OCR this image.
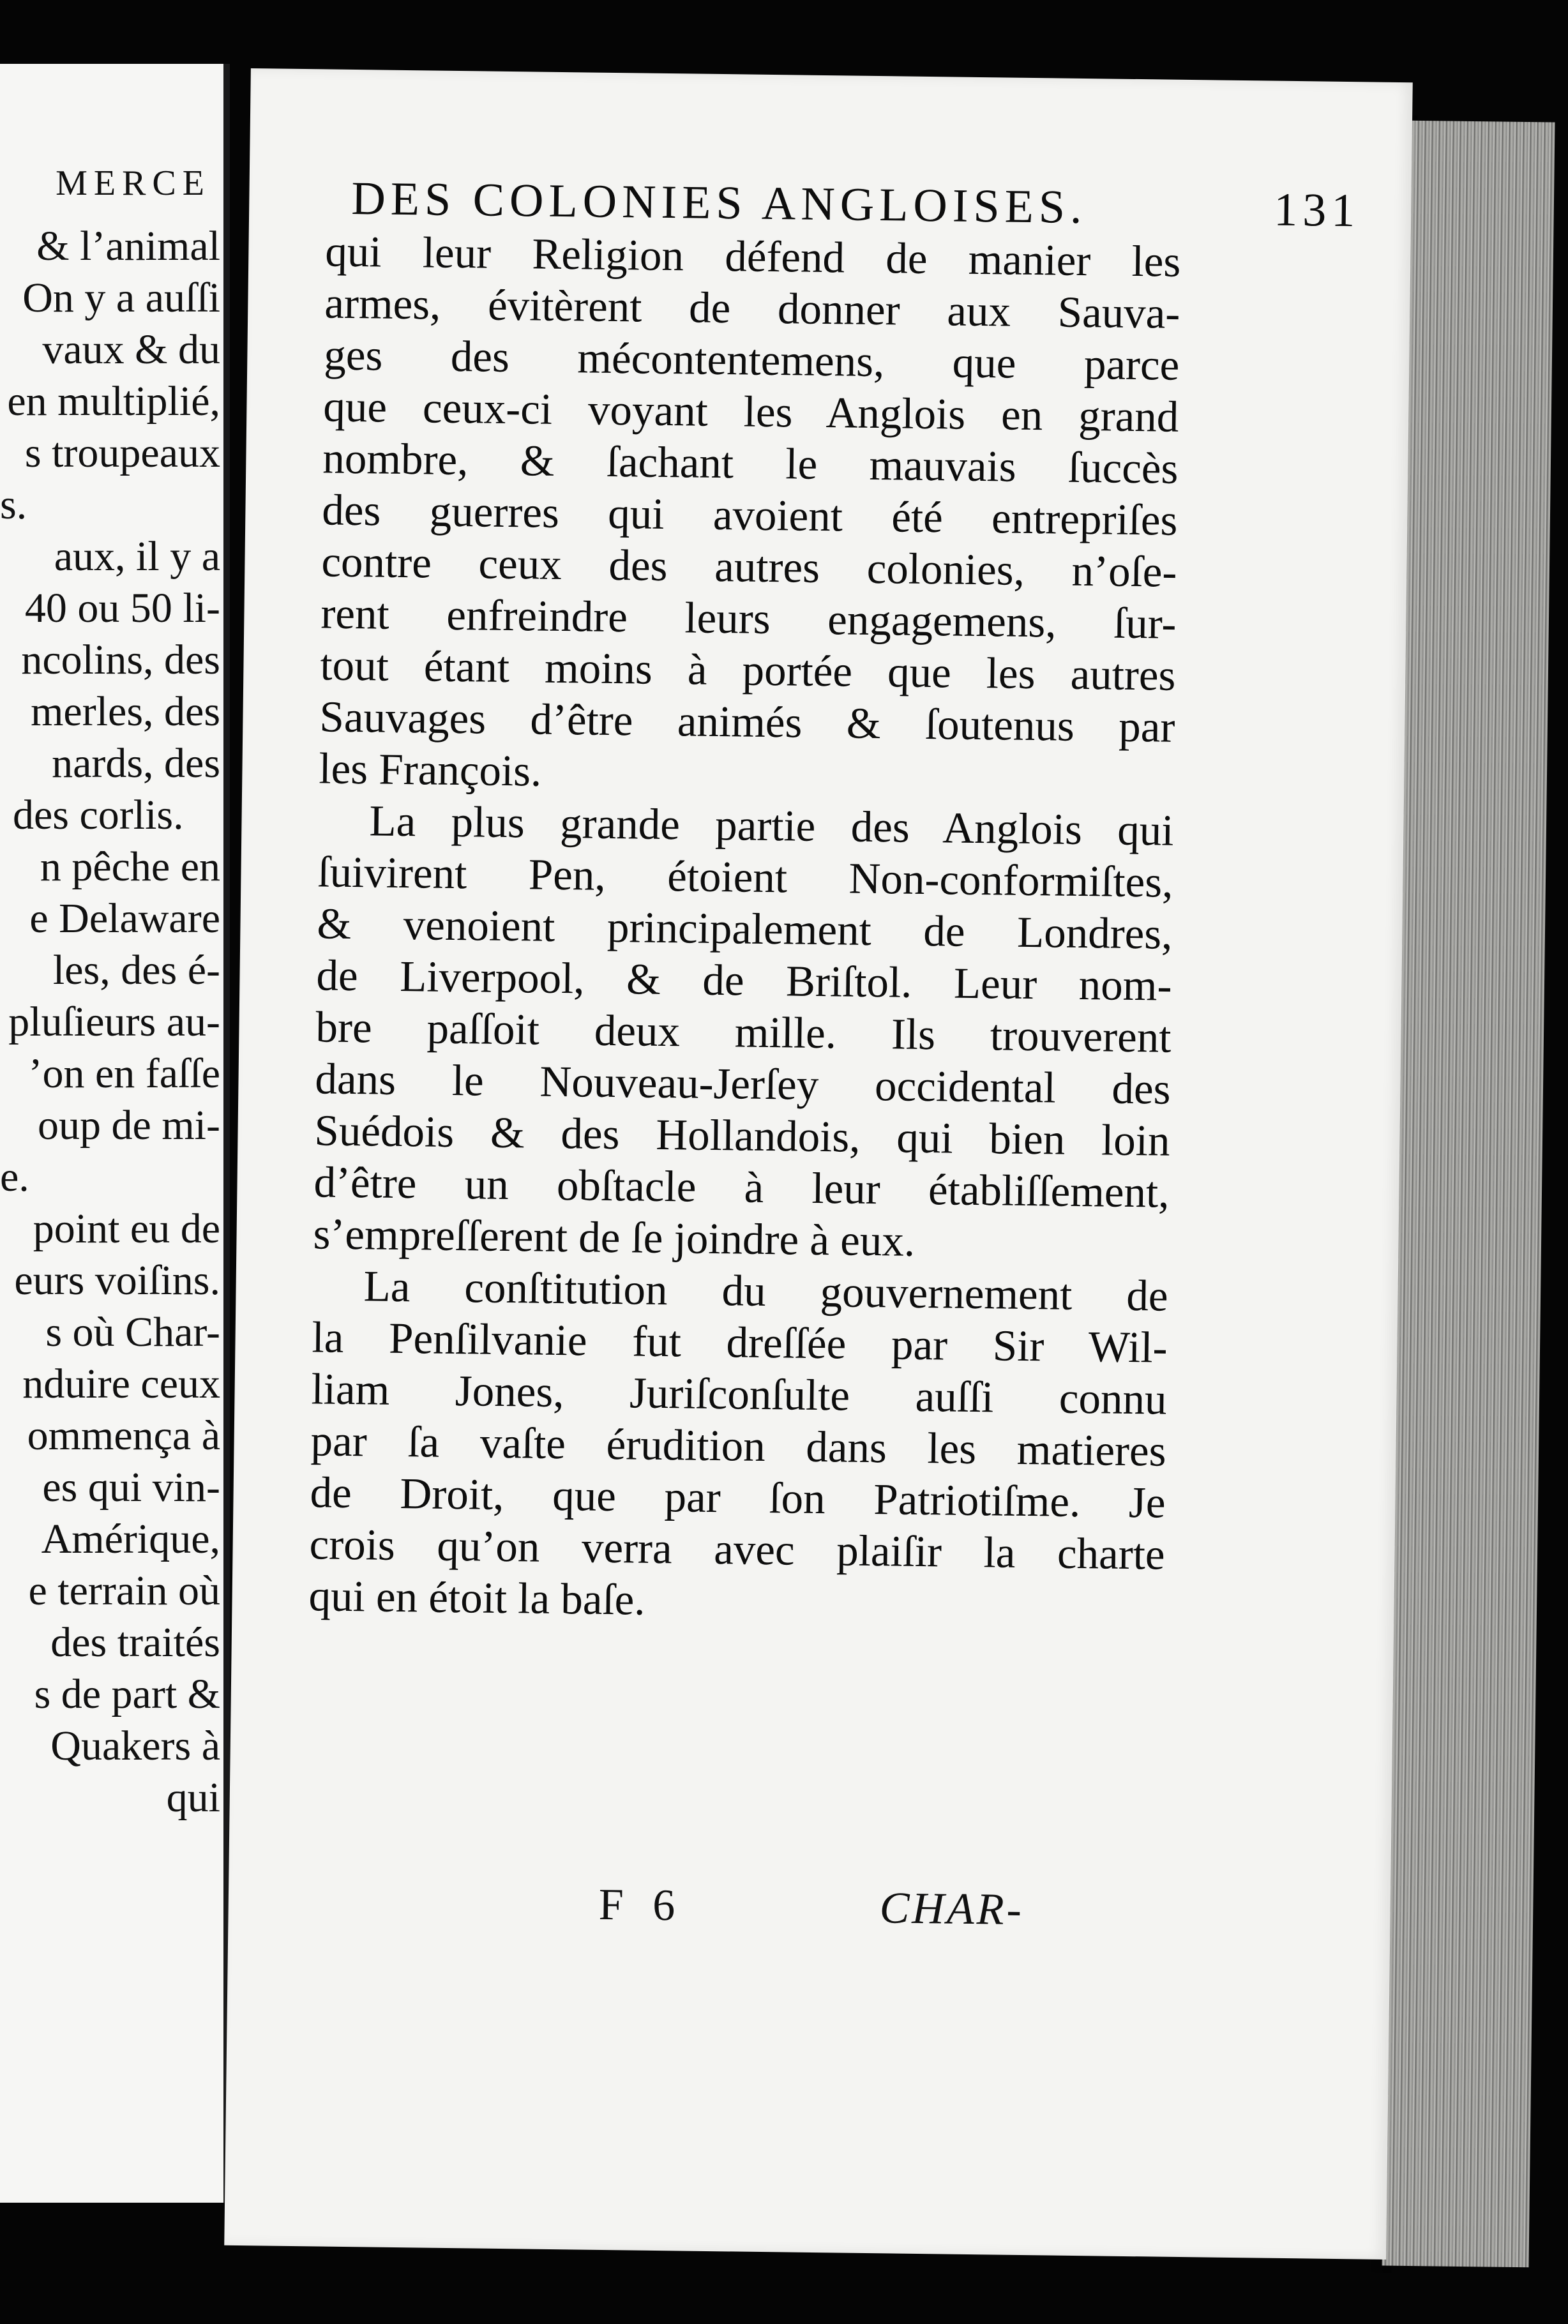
MERCE
& l’animal
On y a auſſi
vaux & du
en multiplié,
s troupeaux
s.
aux, il y a
40 ou 50 li-
ncolins, des
merles, des
nards, des
des corlis.
n pêche en
e Delaware
les, des é-
pluſieurs au-
’on en faſſe
oup de mi-
e.
point eu de
eurs voiſins.
s où Char-
nduire ceux
ommença à
es qui vin-
Amérique,
e terrain où
des traités
s de part &
Quakers à
qui
DES COLONIES ANGLOISES.	131
qui leur Religion défend de manier les
armes, évitèrent de donner aux Sauva-
ges des mécontentemens, que parce
que ceux-ci voyant les Anglois en grand
nombre, & ſachant le mauvais ſuccès
des guerres qui avoient été entrepriſes
contre ceux des autres colonies, n’oſe-
rent enfreindre leurs engagemens, ſur-
tout étant moins à portée que les autres
Sauvages d’être animés & ſoutenus par
les François.
La plus grande partie des Anglois qui
ſuivirent Pen, étoient Non-conformiſtes,
& venoient principalement de Londres,
de Liverpool, & de Briſtol. Leur nom-
bre paſſoit deux mille. Ils trouverent
dans le Nouveau-Jerſey occidental des
Suédois & des Hollandois, qui bien loin
d’être un obſtacle à leur établiſſement,
s’empreſſerent de ſe joindre à eux.
La conſtitution du gouvernement de
la Penſilvanie fut dreſſée par Sir Wil-
liam Jones, Juriſconſulte auſſi connu
par ſa vaſte érudition dans les matieres
de Droit, que par ſon Patriotiſme. Je
crois qu’on verra avec plaiſir la charte
qui en étoit la baſe.
F 6	CHAR-
